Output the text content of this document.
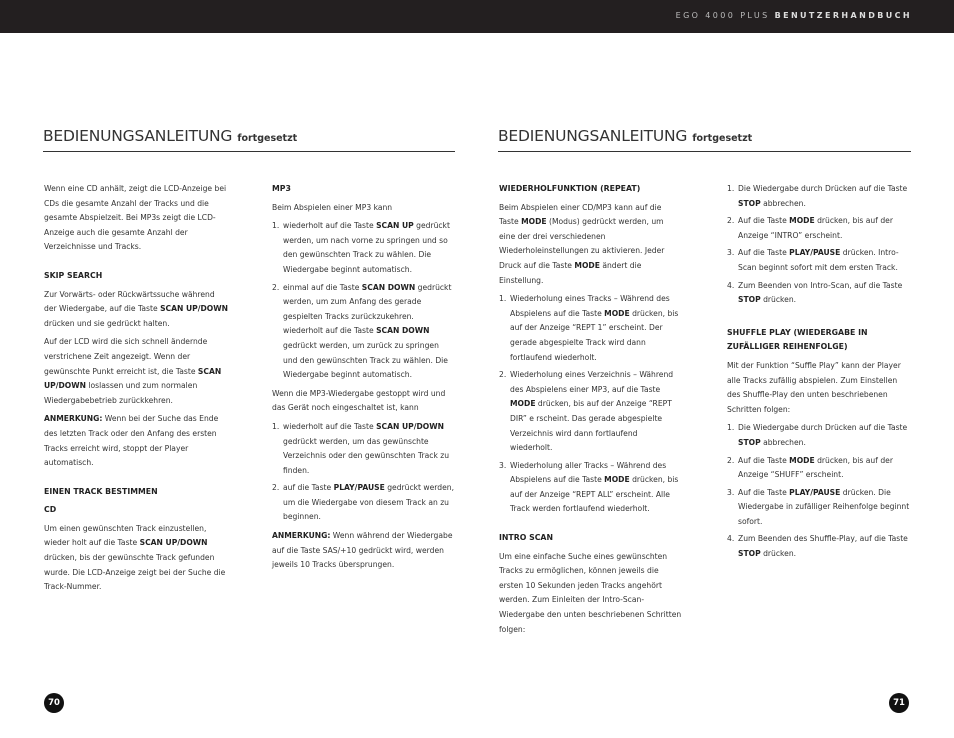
EGO 4000 PLUS BENUTZERHANDBUCH
BEDIENUNGSANLEITUNG fortgesetzt	BEDIENUNGSANLEITUNG fortgesetzt

Wenn eine CD anhält, zeigt die LCD-Anzeige bei CDs die gesamte Anzahl der Tracks und die gesamte Abspielzeit. Bei MP3s zeigt die LCD-Anzeige auch die gesamte Anzahl der Verzeichnisse und Tracks.

SKIP SEARCH

Zur Vorwärts- oder Rückwärtssuche während der Wiedergabe, auf die Taste SCAN UP/DOWN drücken und sie gedrückt halten.

Auf der LCD wird die sich schnell ändernde verstrichene Zeit angezeigt. Wenn der gewünschte Punkt erreicht ist, die Taste SCAN UP/DOWN loslassen und zum normalen Wiedergabebetrieb zurückkehren.

ANMERKUNG: Wenn bei der Suche das Ende des letzten Track oder den Anfang des ersten Tracks erreicht wird, stoppt der Player automatisch.

EINEN TRACK BESTIMMEN
CD

Um einen gewünschten Track einzustellen, wieder holt auf die Taste SCAN UP/DOWN drücken, bis der gewünschte Track gefunden wurde. Die LCD-Anzeige zeigt bei der Suche die Track-Nummer.

MP3

Beim Abspielen einer MP3 kann

1. wiederholt auf die Taste SCAN UP gedrückt werden, um nach vorne zu springen und so den gewünschten Track zu wählen. Die Wiedergabe beginnt automatisch.
2. einmal auf die Taste SCAN DOWN gedrückt werden, um zum Anfang des gerade gespielten Tracks zurückzukehren. wiederholt auf die Taste SCAN DOWN gedrückt werden, um zurück zu springen und den gewünschten Track zu wählen. Die Wiedergabe beginnt automatisch.

Wenn die MP3-Wiedergabe gestoppt wird und das Gerät noch eingeschaltet ist, kann

1. wiederholt auf die Taste SCAN UP/DOWN gedrückt werden, um das gewünschte Verzeichnis oder den gewünschten Track zu finden.
2. auf die Taste PLAY/PAUSE gedrückt werden, um die Wiedergabe von diesem Track an zu beginnen.

ANMERKUNG: Wenn während der Wiedergabe auf die Taste SAS/+10 gedrückt wird, werden jeweils 10 Tracks übersprungen.

WIEDERHOLFUNKTION (REPEAT)

Beim Abspielen einer CD/MP3 kann auf die Taste MODE (Modus) gedrückt werden, um eine der drei verschiedenen Wiederholeinstellungen zu aktivieren. Jeder Druck auf die Taste MODE ändert die Einstellung.

1. Wiederholung eines Tracks – Während des Abspielens auf die Taste MODE drücken, bis auf der Anzeige “REPT 1” erscheint. Der gerade abgespielte Track wird dann fortlaufend wiederholt.
2. Wiederholung eines Verzeichnis – Während des Abspielens einer MP3, auf die Taste MODE drücken, bis auf der Anzeige “REPT DIR” e rscheint. Das gerade abgespielte Verzeichnis wird dann fortlaufend wiederholt.
3. Wiederholung aller Tracks – Während des Abspielens auf die Taste MODE drücken, bis auf der Anzeige “REPT ALL” erscheint. Alle Track werden fortlaufend wiederholt.
INTRO SCAN

Um eine einfache Suche eines gewünschten Tracks zu ermöglichen, können jeweils die ersten 10 Sekunden jeden Tracks angehört werden. Zum Einleiten der Intro-Scan-Wiedergabe den unten beschriebenen Schritten folgen:

1. Die Wiedergabe durch Drücken auf die Taste STOP abbrechen.
2. Auf die Taste MODE drücken, bis auf der Anzeige “INTRO” erscheint.
3. Auf die Taste PLAY/PAUSE drücken. Intro-Scan beginnt sofort mit dem ersten Track.
4. Zum Beenden von Intro-Scan, auf die Taste STOP drücken.
SHUFFLE PLAY (WIEDERGABE IN
ZUFÄLLIGER REIHENFOLGE)

Mit der Funktion “Suffle Play” kann der Player alle Tracks zufällig abspielen. Zum Einstellen des Shuffle-Play den unten beschriebenen Schritten folgen:

1. Die Wiedergabe durch Drücken auf die Taste STOP abbrechen.
2. Auf die Taste MODE drücken, bis auf der Anzeige “SHUFF” erscheint.
3. Auf die Taste PLAY/PAUSE drücken. Die Wiedergabe in zufälliger Reihenfolge beginnt sofort.
4. Zum Beenden des Shuffle-Play, auf die Taste STOP drücken.
70	71
